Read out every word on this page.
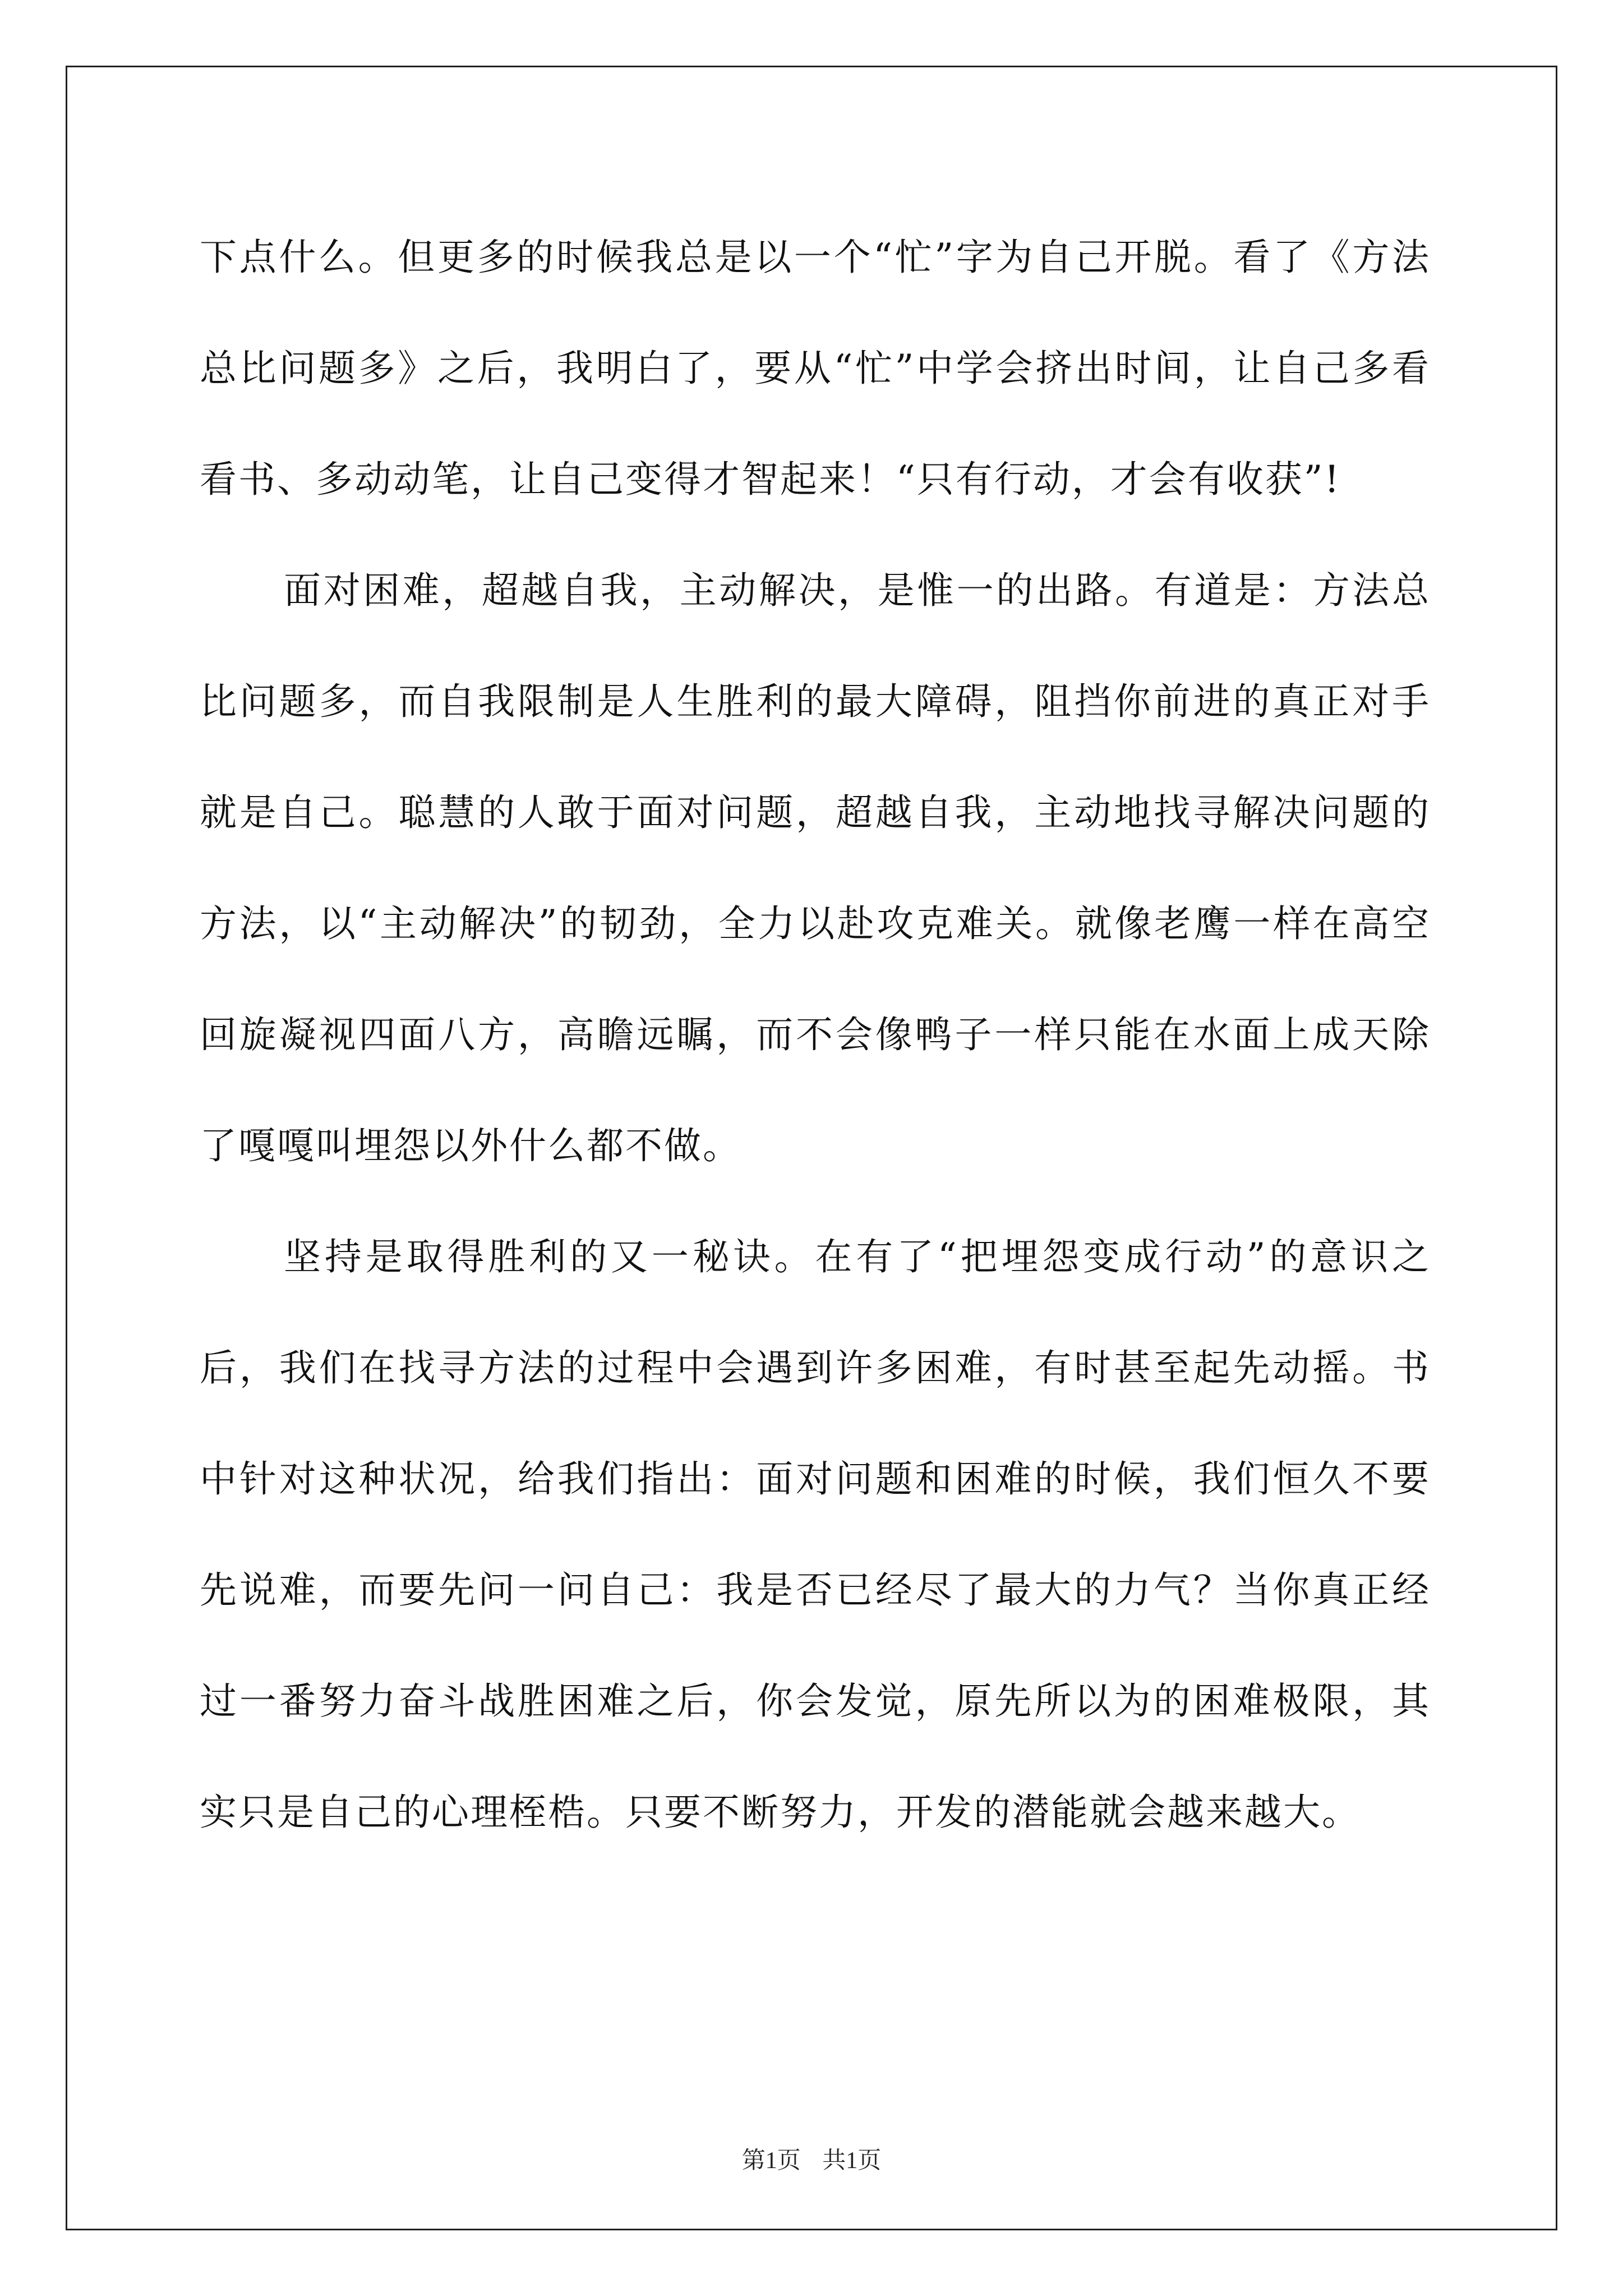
下点什么。但更多的时候我总是以一个“忙”字为自己开脱。看了《方法总比问题多》之后，我明白了，要从“忙”中学会挤出时间，让自己多看看书、多动动笔，让自己变得才智起来！“只有行动，才会有收获”!

面对困难，超越自我，主动解决，是惟一的出路。有道是：方法总比问题多，而自我限制是人生胜利的最大障碍，阻挡你前进的真正对手就是自己。聪慧的人敢于面对问题，超越自我，主动地找寻解决问题的方法，以“主动解决”的韧劲，全力以赴攻克难关。就像老鹰一样在高空回旋凝视四面八方，高瞻远瞩，而不会像鸭子一样只能在水面上成天除了嘎嘎叫埋怨以外什么都不做。

坚持是取得胜利的又一秘诀。在有了“把埋怨变成行动”的意识之后，我们在找寻方法的过程中会遇到许多困难，有时甚至起先动摇。书中针对这种状况，给我们指出：面对问题和困难的时候，我们恒久不要先说难，而要先问一问自己：我是否已经尽了最大的力气？当你真正经过一番努力奋斗战胜困难之后，你会发觉，原先所以为的困难极限，其实只是自己的心理桎梏。只要不断努力，开发的潜能就会越来越大。

第1页 共1页
